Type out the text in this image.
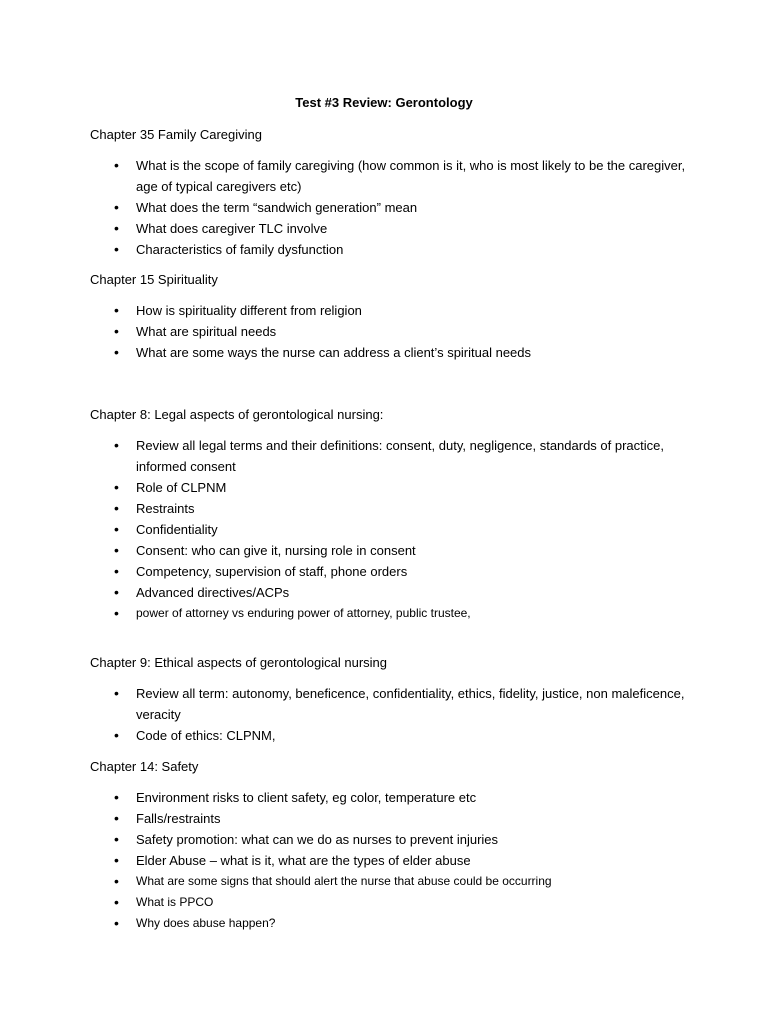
Test #3 Review: Gerontology

Chapter 35 Family Caregiving

• What is the scope of family caregiving (how common is it, who is most likely to be the caregiver, age of typical caregivers etc)
• What does the term “sandwich generation” mean
• What does caregiver TLC involve
• Characteristics of family dysfunction

Chapter 15 Spirituality

• How is spirituality different from religion
• What are spiritual needs
• What are some ways the nurse can address a client’s spiritual needs

Chapter 8: Legal aspects of gerontological nursing:

• Review all legal terms and their definitions: consent, duty, negligence, standards of practice, informed consent
• Role of CLPNM
• Restraints
• Confidentiality
• Consent: who can give it, nursing role in consent
• Competency, supervision of staff, phone orders
• Advanced directives/ACPs
• power of attorney vs enduring power of attorney, public trustee,

Chapter 9: Ethical aspects of gerontological nursing

• Review all term: autonomy, beneficence, confidentiality, ethics, fidelity, justice, non maleficence, veracity
• Code of ethics: CLPNM,

Chapter 14: Safety

• Environment risks to client safety, eg color, temperature etc
• Falls/restraints
• Safety promotion: what can we do as nurses to prevent injuries
• Elder Abuse – what is it, what are the types of elder abuse
• What are some signs that should alert the nurse that abuse could be occurring
• What is PPCO
• Why does abuse happen?
